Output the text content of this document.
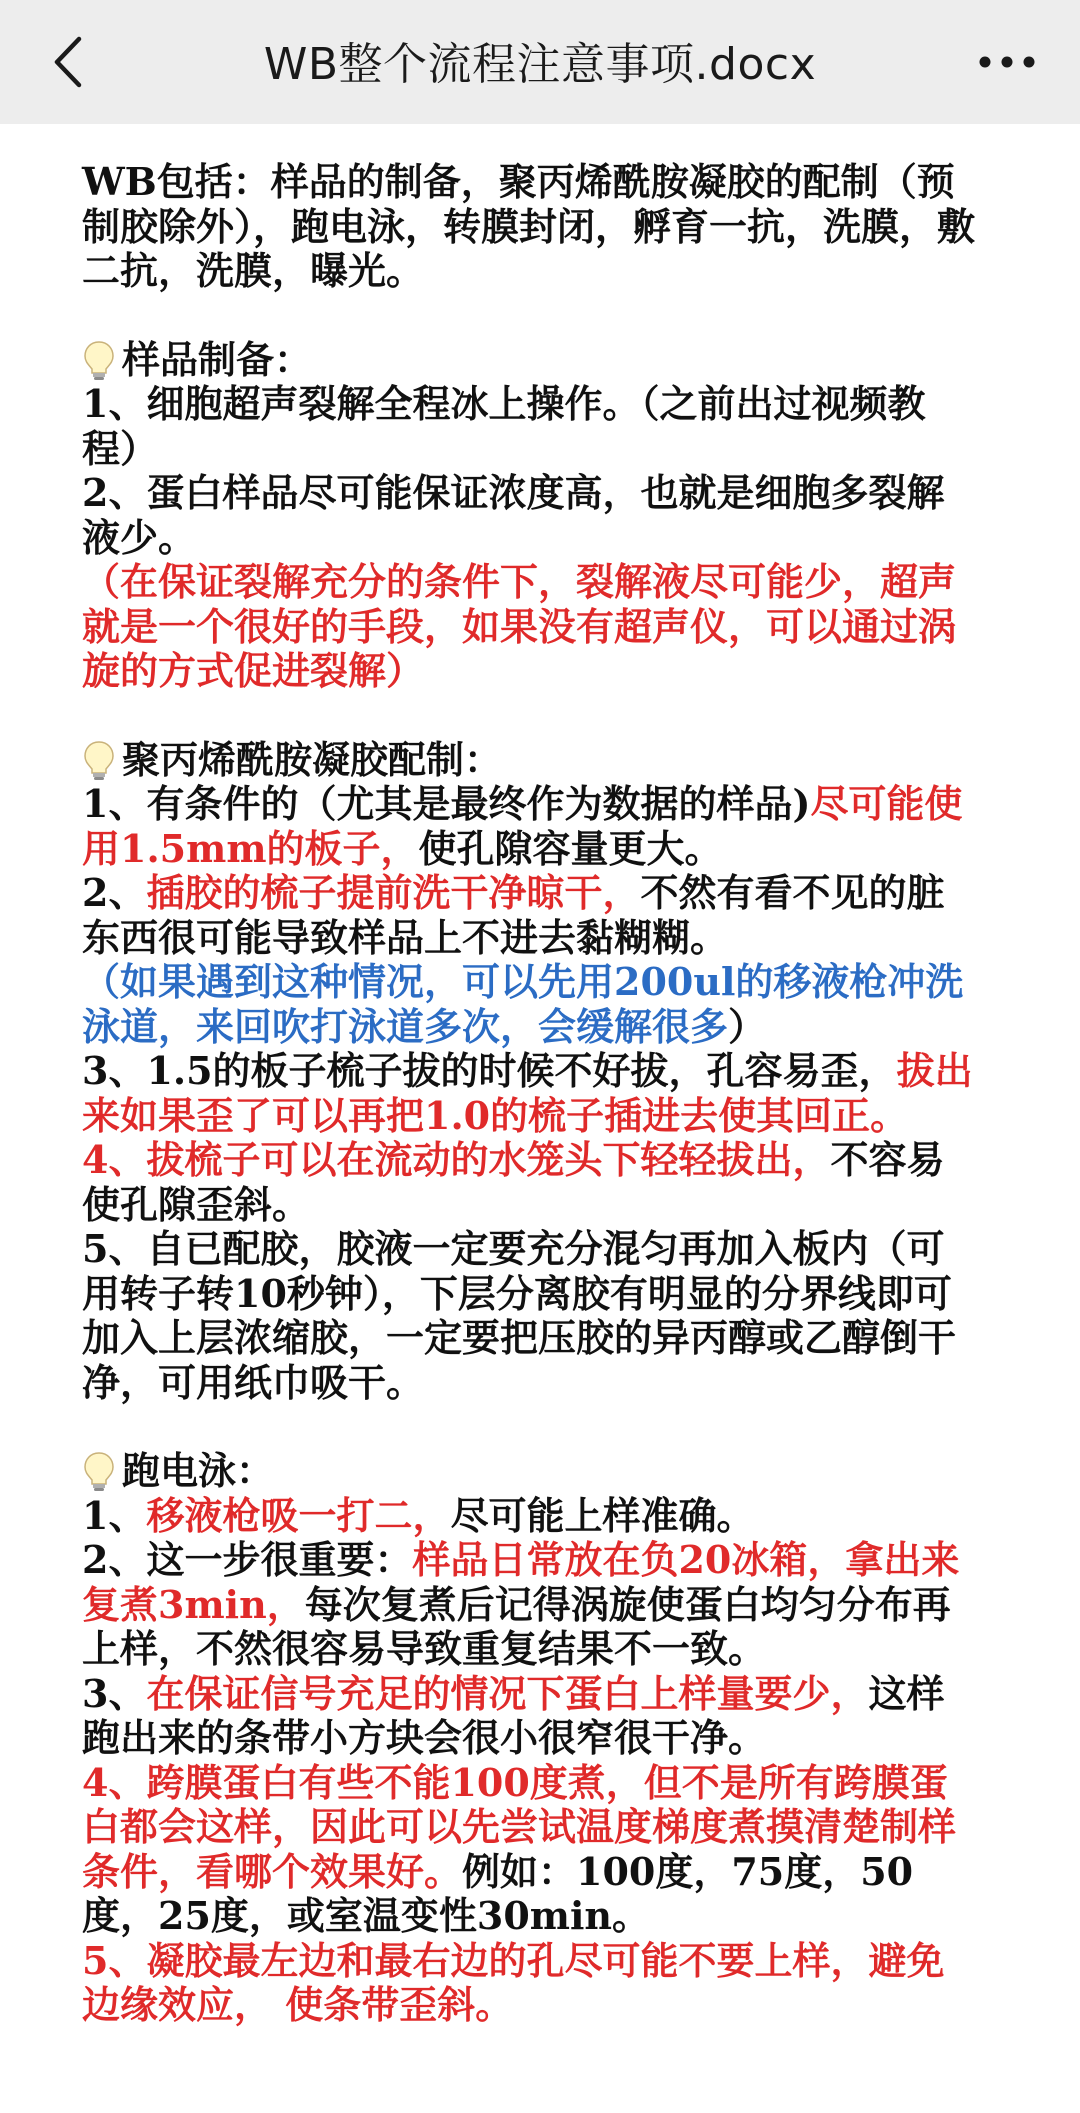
WB整个流程注意事项.docx

WB包括：样品的制备，聚丙烯酰胺凝胶的配制（预制胶除外），跑电泳，转膜封闭，孵育一抗，洗膜，敷二抗，洗膜，曝光。

样品制备：

1、细胞超声裂解全程冰上操作。（之前出过视频教程）

2、蛋白样品尽可能保证浓度高，也就是细胞多裂解液少。

（在保证裂解充分的条件下，裂解液尽可能少，超声就是一个很好的手段，如果没有超声仪，可以通过涡旋的方式促进裂解）

聚丙烯酰胺凝胶配制：

1、有条件的（尤其是最终作为数据的样品)尽可能使用1.5mm的板子，使孔隙容量更大。

2、插胶的梳子提前洗干净晾干，不然有看不见的脏东西很可能导致样品上不进去黏糊糊。

（如果遇到这种情况，可以先用200ul的移液枪冲洗泳道，来回吹打泳道多次，会缓解很多）

3、1.5的板子梳子拔的时候不好拔，孔容易歪，拔出来如果歪了可以再把1.0的梳子插进去使其回正。

4、拔梳子可以在流动的水笼头下轻轻拔出，不容易使孔隙歪斜。

5、自已配胶，胶液一定要充分混匀再加入板内（可用转子转10秒钟），下层分离胶有明显的分界线即可加入上层浓缩胶，一定要把压胶的异丙醇或乙醇倒干净，可用纸巾吸干。

跑电泳：

1、移液枪吸一打二，尽可能上样准确。

2、这一步很重要：样品日常放在负20冰箱，拿出来复煮3min，每次复煮后记得涡旋使蛋白均匀分布再上样，不然很容易导致重复结果不一致。

3、在保证信号充足的情况下蛋白上样量要少，这样跑出来的条带小方块会很小很窄很干净。

4、跨膜蛋白有些不能100度煮，但不是所有跨膜蛋白都会这样，因此可以先尝试温度梯度煮摸清楚制样条件，看哪个效果好。例如：100度，75度，50度，25度，或室温变性30min。

5、凝胶最左边和最右边的孔尽可能不要上样，避免边缘效应， 使条带歪斜。
